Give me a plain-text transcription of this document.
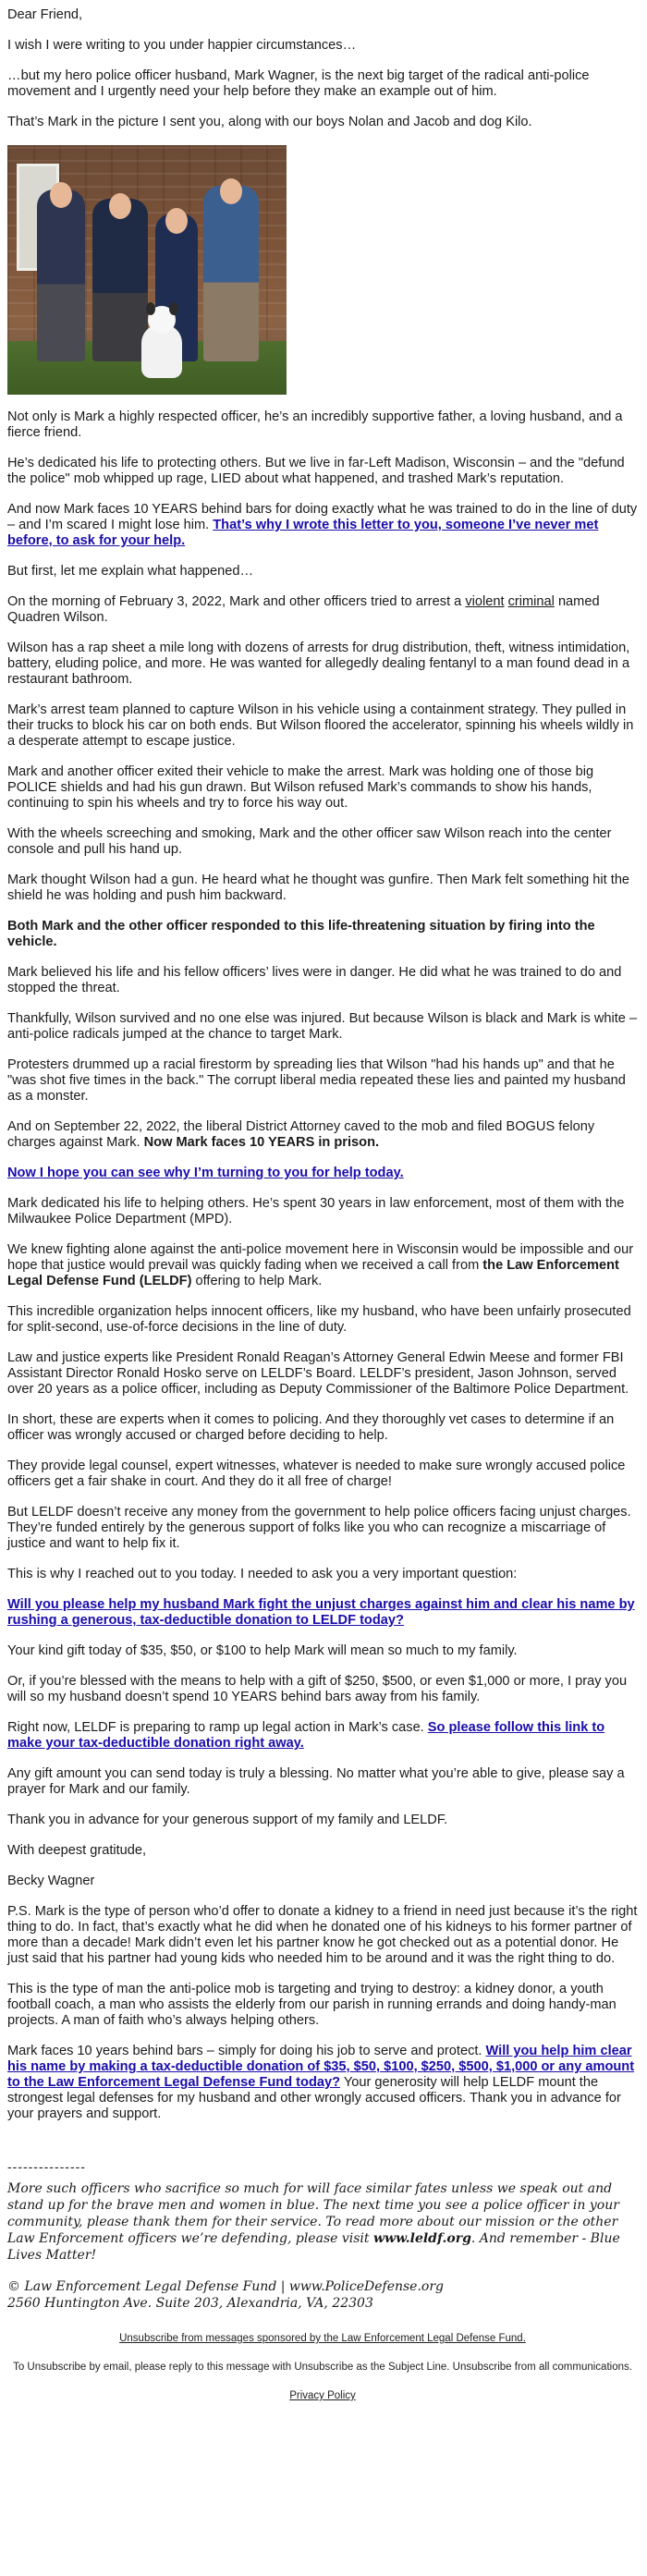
Dear Friend,

I wish I were writing to you under happier circumstances…

…but my hero police officer husband, Mark Wagner, is the next big target of the radical anti-police movement and I urgently need your help before they make an example out of him.

That’s Mark in the picture I sent you, along with our boys Nolan and Jacob and dog Kilo.

Not only is Mark a highly respected officer, he’s an incredibly supportive father, a loving husband, and a fierce friend.

He’s dedicated his life to protecting others. But we live in far-Left Madison, Wisconsin – and the "defund the police" mob whipped up rage, LIED about what happened, and trashed Mark’s reputation.

And now Mark faces 10 YEARS behind bars for doing exactly what he was trained to do in the line of duty – and I’m scared I might lose him. That’s why I wrote this letter to you, someone I’ve never met before, to ask for your help.

But first, let me explain what happened…

On the morning of February 3, 2022, Mark and other officers tried to arrest a violent criminal named Quadren Wilson.

Wilson has a rap sheet a mile long with dozens of arrests for drug distribution, theft, witness intimidation, battery, eluding police, and more. He was wanted for allegedly dealing fentanyl to a man found dead in a restaurant bathroom.

Mark’s arrest team planned to capture Wilson in his vehicle using a containment strategy. They pulled in their trucks to block his car on both ends. But Wilson floored the accelerator, spinning his wheels wildly in a desperate attempt to escape justice.

Mark and another officer exited their vehicle to make the arrest. Mark was holding one of those big POLICE shields and had his gun drawn. But Wilson refused Mark’s commands to show his hands, continuing to spin his wheels and try to force his way out.

With the wheels screeching and smoking, Mark and the other officer saw Wilson reach into the center console and pull his hand up.

Mark thought Wilson had a gun. He heard what he thought was gunfire. Then Mark felt something hit the shield he was holding and push him backward.

Both Mark and the other officer responded to this life-threatening situation by firing into the vehicle.

Mark believed his life and his fellow officers’ lives were in danger. He did what he was trained to do and stopped the threat.

Thankfully, Wilson survived and no one else was injured. But because Wilson is black and Mark is white – anti-police radicals jumped at the chance to target Mark.

Protesters drummed up a racial firestorm by spreading lies that Wilson "had his hands up" and that he "was shot five times in the back." The corrupt liberal media repeated these lies and painted my husband as a monster.

And on September 22, 2022, the liberal District Attorney caved to the mob and filed BOGUS felony charges against Mark. Now Mark faces 10 YEARS in prison.

Now I hope you can see why I’m turning to you for help today.

Mark dedicated his life to helping others. He’s spent 30 years in law enforcement, most of them with the Milwaukee Police Department (MPD).

We knew fighting alone against the anti-police movement here in Wisconsin would be impossible and our hope that justice would prevail was quickly fading when we received a call from the Law Enforcement Legal Defense Fund (LELDF) offering to help Mark.

This incredible organization helps innocent officers, like my husband, who have been unfairly prosecuted for split-second, use-of-force decisions in the line of duty.

Law and justice experts like President Ronald Reagan’s Attorney General Edwin Meese and former FBI Assistant Director Ronald Hosko serve on LELDF’s Board. LELDF’s president, Jason Johnson, served over 20 years as a police officer, including as Deputy Commissioner of the Baltimore Police Department.

In short, these are experts when it comes to policing. And they thoroughly vet cases to determine if an officer was wrongly accused or charged before deciding to help.

They provide legal counsel, expert witnesses, whatever is needed to make sure wrongly accused police officers get a fair shake in court. And they do it all free of charge!

But LELDF doesn’t receive any money from the government to help police officers facing unjust charges. They’re funded entirely by the generous support of folks like you who can recognize a miscarriage of justice and want to help fix it.

This is why I reached out to you today. I needed to ask you a very important question:

Will you please help my husband Mark fight the unjust charges against him and clear his name by rushing a generous, tax-deductible donation to LELDF today?

Your kind gift today of $35, $50, or $100 to help Mark will mean so much to my family.

Or, if you’re blessed with the means to help with a gift of $250, $500, or even $1,000 or more, I pray you will so my husband doesn’t spend 10 YEARS behind bars away from his family.

Right now, LELDF is preparing to ramp up legal action in Mark’s case. So please follow this link to make your tax-deductible donation right away.

Any gift amount you can send today is truly a blessing. No matter what you’re able to give, please say a prayer for Mark and our family.

Thank you in advance for your generous support of my family and LELDF.

With deepest gratitude,

Becky Wagner

P.S. Mark is the type of person who’d offer to donate a kidney to a friend in need just because it’s the right thing to do. In fact, that’s exactly what he did when he donated one of his kidneys to his former partner of more than a decade! Mark didn’t even let his partner know he got checked out as a potential donor. He just said that his partner had young kids who needed him to be around and it was the right thing to do.

This is the type of man the anti-police mob is targeting and trying to destroy: a kidney donor, a youth football coach, a man who assists the elderly from our parish in running errands and doing handy-man projects. A man of faith who’s always helping others.

Mark faces 10 years behind bars – simply for doing his job to serve and protect. Will you help him clear his name by making a tax-deductible donation of $35, $50, $100, $250, $500, $1,000 or any amount to the Law Enforcement Legal Defense Fund today? Your generosity will help LELDF mount the strongest legal defenses for my husband and other wrongly accused officers. Thank you in advance for your prayers and support.

---------------

More such officers who sacrifice so much for will face similar fates unless we speak out and stand up for the brave men and women in blue. The next time you see a police officer in your community, please thank them for their service. To read more about our mission or the other Law Enforcement officers we’re defending, please visit www.leldf.org. And remember - Blue Lives Matter!

© Law Enforcement Legal Defense Fund | www.PoliceDefense.org
2560 Huntington Ave. Suite 203, Alexandria, VA, 22303

Unsubscribe from messages sponsored by the Law Enforcement Legal Defense Fund.

To Unsubscribe by email, please reply to this message with Unsubscribe as the Subject Line. Unsubscribe from all communications.

Privacy Policy
